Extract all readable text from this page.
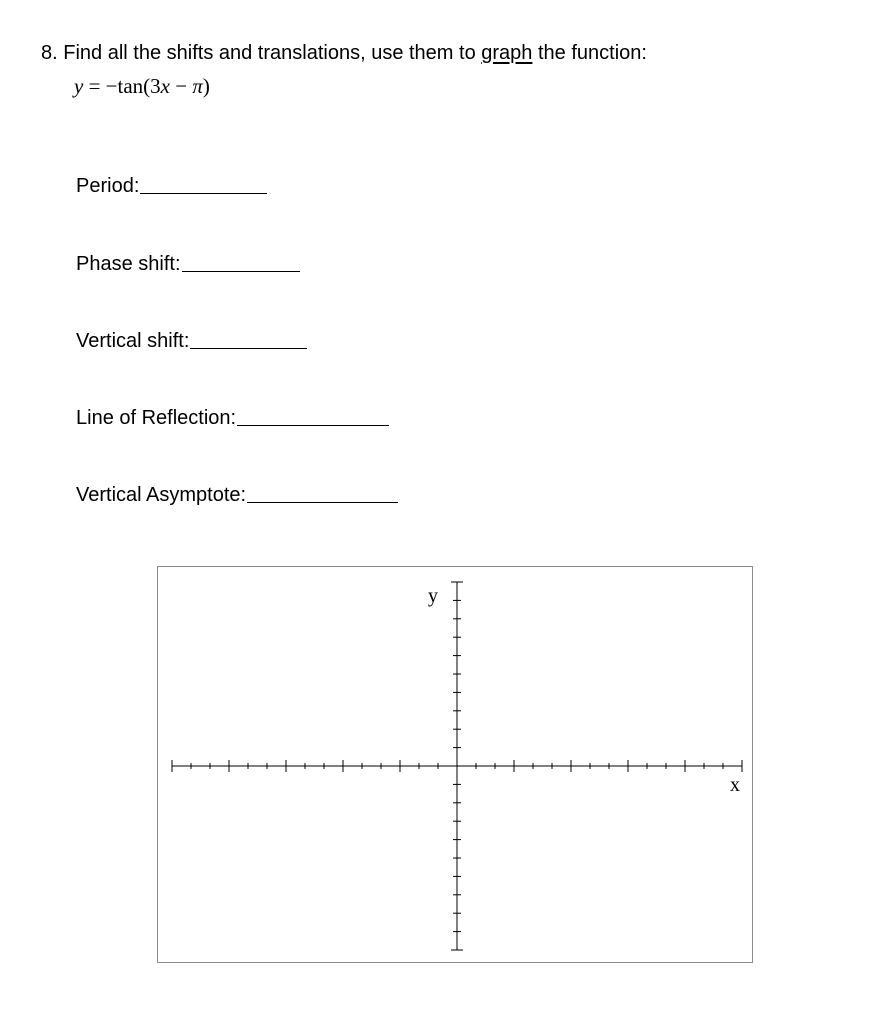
8. Find all the shifts and translations, use them to graph the function:
y = −tan(3x − π)
Period:
Phase shift:
Vertical shift:
Line of Reflection:
Vertical Asymptote:
x
y
